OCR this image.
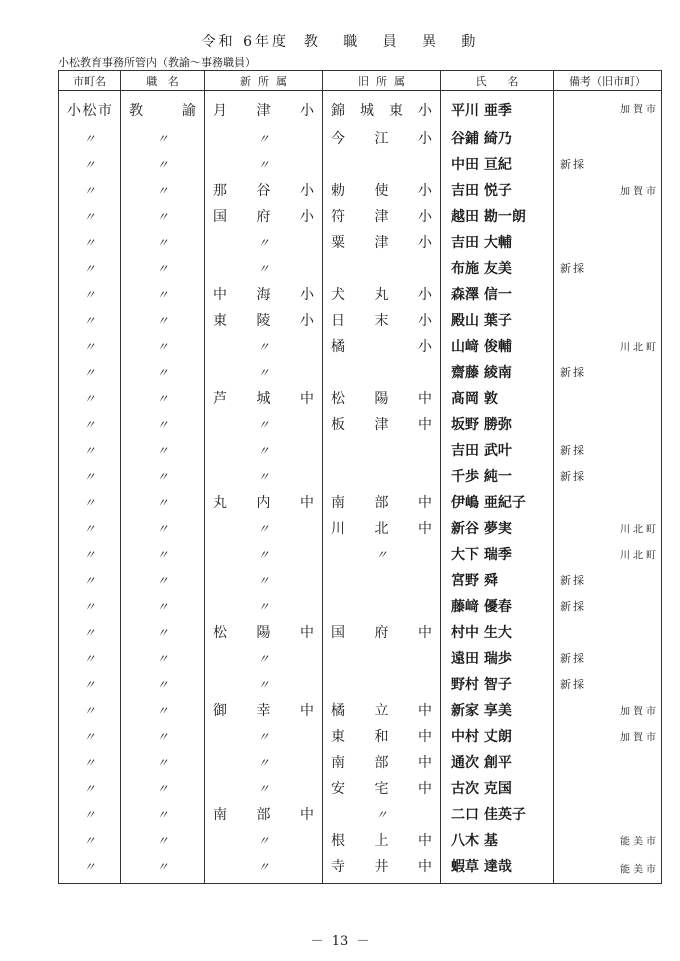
令和 6年度  教   職   員   異   動
小松教育事務所管内（教諭～事務職員）
市町名	職   名	新  所  属	旧  所  属	氏      名	備考（旧市町）
小松市	教諭	月津小	錦城東小	平川 亜季	加賀市

〃	〃	〃	今江小	谷鋪 綺乃	

〃	〃	〃		中田 亘紀	新採

〃	〃	那谷小	勅使小	吉田 悦子	加賀市

〃	〃	国府小	符津小	越田 勘一朗	

〃	〃	〃	粟津小	吉田 大輔	

〃	〃	〃		布施 友美	新採

〃	〃	中海小	犬丸小	森澤 信一	

〃	〃	東陵小	日末小	殿山 葉子	

〃	〃	〃	橘小	山﨑 俊輔	川北町

〃	〃	〃		齋藤 綾南	新採

〃	〃	芦城中	松陽中	髙岡 敦	

〃	〃	〃	板津中	坂野 勝弥	

〃	〃	〃		吉田 武叶	新採

〃	〃	〃		千歩 純一	新採

〃	〃	丸内中	南部中	伊嶋 亜紀子	

〃	〃	〃	川北中	新谷 夢実	川北町

〃	〃	〃	〃	大下 瑞季	川北町

〃	〃	〃		宮野 舜	新採

〃	〃	〃		藤﨑 優春	新採

〃	〃	松陽中	国府中	村中 生大	

〃	〃	〃		遠田 瑞歩	新採

〃	〃	〃		野村 智子	新採

〃	〃	御幸中	橘立中	新家 享美	加賀市

〃	〃	〃	東和中	中村 丈朗	加賀市

〃	〃	〃	南部中	通次 創平	

〃	〃	〃	安宅中	古次 克国	

〃	〃	南部中	〃	二口 佳英子	

〃	〃	〃	根上中	八木 基	能美市

〃	〃	〃	寺井中	蝦草 達哉	能美市
－  13  －
